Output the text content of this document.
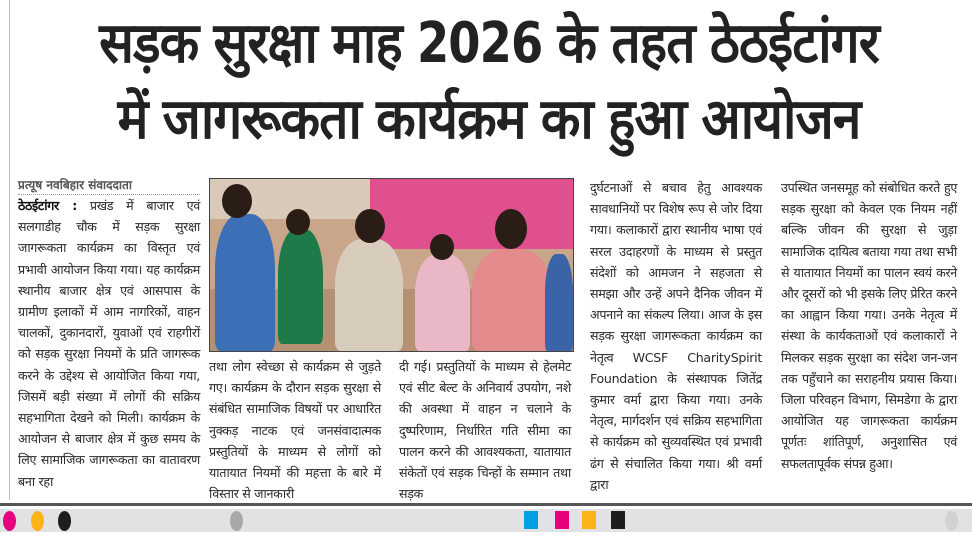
सड़क सुरक्षा माह 2026 के तहत ठेठईटांगर
में जागरूकता कार्यक्रम का हुआ आयोजन
प्रत्यूष नवबिहार संवाददाता
ठेठईटांगर : प्रखंड में बाजार एवं सलगाडीह चौक में सड़क सुरक्षा जागरूकता कार्यक्रम का विस्तृत एवं प्रभावी आयोजन किया गया। यह कार्यक्रम स्थानीय बाजार क्षेत्र एवं आसपास के ग्रामीण इलाकों में आम नागरिकों, वाहन चालकों, दुकानदारों, युवाओं एवं राहगीरों को सड़क सुरक्षा नियमों के प्रति जागरूक करने के उद्देश्य से आयोजित किया गया, जिसमें बड़ी संख्या में लोगों की सक्रिय सहभागिता देखने को मिली। कार्यक्रम के आयोजन से बाजार क्षेत्र में कुछ समय के लिए सामाजिक जागरूकता का वातावरण बना रहा
तथा लोग स्वेच्छा से कार्यक्रम से जुड़ते गए। कार्यक्रम के दौरान सड़क सुरक्षा से संबंधित सामाजिक विषयों पर आधारित नुक्कड़ नाटक एवं जनसंवादात्मक प्रस्तुतियों के माध्यम से लोगों को यातायात नियमों की महत्ता के बारे में विस्तार से जानकारी
दी गई। प्रस्तुतियों के माध्यम से हेलमेट एवं सीट बेल्ट के अनिवार्य उपयोग, नशे की अवस्था में वाहन न चलाने के दुष्परिणाम, निर्धारित गति सीमा का पालन करने की आवश्यकता, यातायात संकेतों एवं सड़क चिन्हों के सम्मान तथा सड़क
दुर्घटनाओं से बचाव हेतु आवश्यक सावधानियों पर विशेष रूप से जोर दिया गया। कलाकारों द्वारा स्थानीय भाषा एवं सरल उदाहरणों के माध्यम से प्रस्तुत संदेशों को आमजन ने सहजता से समझा और उन्हें अपने दैनिक जीवन में अपनाने का संकल्प लिया। आज के इस सड़क सुरक्षा जागरूकता कार्यक्रम का नेतृत्व WCSF CharitySpirit Foundation के संस्थापक जितेंद्र कुमार वर्मा द्वारा किया गया। उनके नेतृत्व, मार्गदर्शन एवं सक्रिय सहभागिता से कार्यक्रम को सुव्यवस्थित एवं प्रभावी ढंग से संचालित किया गया। श्री वर्मा द्वारा
उपस्थित जनसमूह को संबोधित करते हुए सड़क सुरक्षा को केवल एक नियम नहीं बल्कि जीवन की सुरक्षा से जुड़ा सामाजिक दायित्व बताया गया तथा सभी से यातायात नियमों का पालन स्वयं करने और दूसरों को भी इसके लिए प्रेरित करने का आह्वान किया गया। उनके नेतृत्व में संस्था के कार्यकताओं एवं कलाकारों ने मिलकर सड़क सुरक्षा का संदेश जन-जन तक पहुँचाने का सराहनीय प्रयास किया। जिला परिवहन विभाग, सिमडेगा के द्वारा आयोजित यह जागरूकता कार्यक्रम पूर्णतः शांतिपूर्ण, अनुशासित एवं सफलतापूर्वक संपन्न हुआ।
